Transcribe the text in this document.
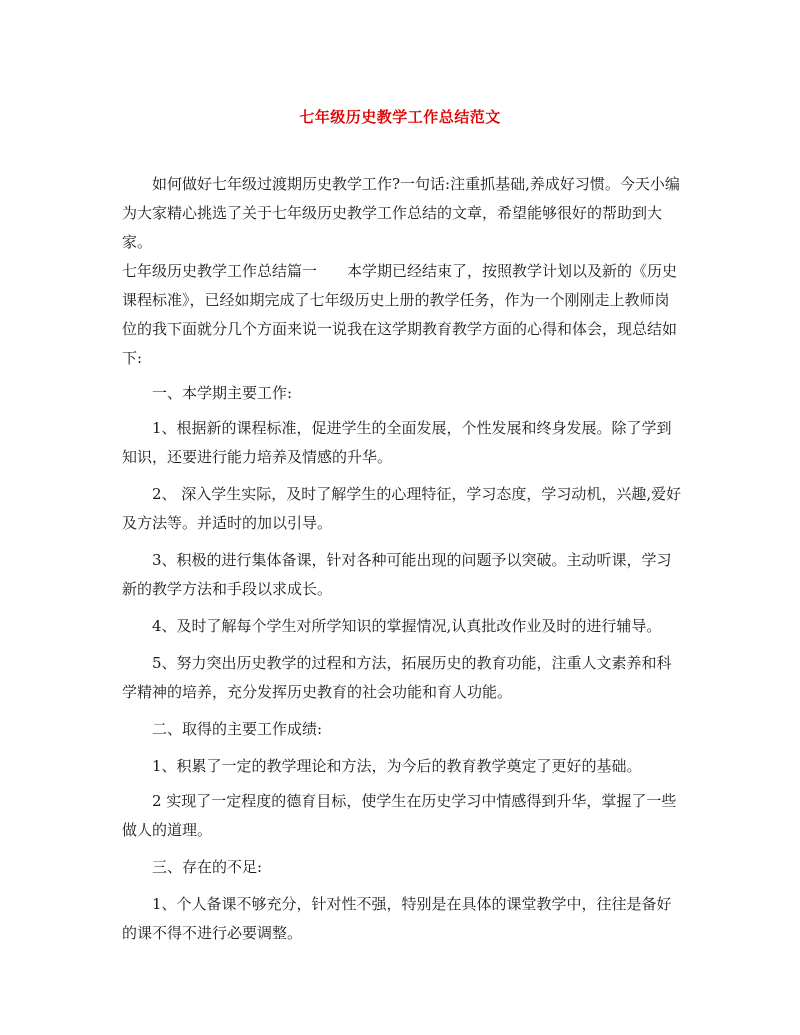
七年级历史教学工作总结范文

如何做好七年级过渡期历史教学工作?一句话:注重抓基础,养成好习惯。今天小编为大家精心挑选了关于七年级历史教学工作总结的文章，希望能够很好的帮助到大家。

七年级历史教学工作总结篇一　　本学期已经结束了，按照教学计划以及新的《历史课程标准》，已经如期完成了七年级历史上册的教学任务，作为一个刚刚走上教师岗位的我下面就分几个方面来说一说我在这学期教育教学方面的心得和体会，现总结如下:

一、本学期主要工作:

1、根据新的课程标准，促进学生的全面发展，个性发展和终身发展。除了学到知识，还要进行能力培养及情感的升华。

2、 深入学生实际，及时了解学生的心理特征，学习态度，学习动机，兴趣,爱好及方法等。并适时的加以引导。

3、积极的进行集体备课，针对各种可能出现的问题予以突破。主动听课，学习新的教学方法和手段以求成长。

4、及时了解每个学生对所学知识的掌握情况,认真批改作业及时的进行辅导。

5、努力突出历史教学的过程和方法，拓展历史的教育功能，注重人文素养和科学精神的培养，充分发挥历史教育的社会功能和育人功能。

二、取得的主要工作成绩:

1、积累了一定的教学理论和方法，为今后的教育教学奠定了更好的基础。

2 实现了一定程度的德育目标，使学生在历史学习中情感得到升华，掌握了一些做人的道理。

三、存在的不足:

1、个人备课不够充分，针对性不强，特别是在具体的课堂教学中，往往是备好的课不得不进行必要调整。
